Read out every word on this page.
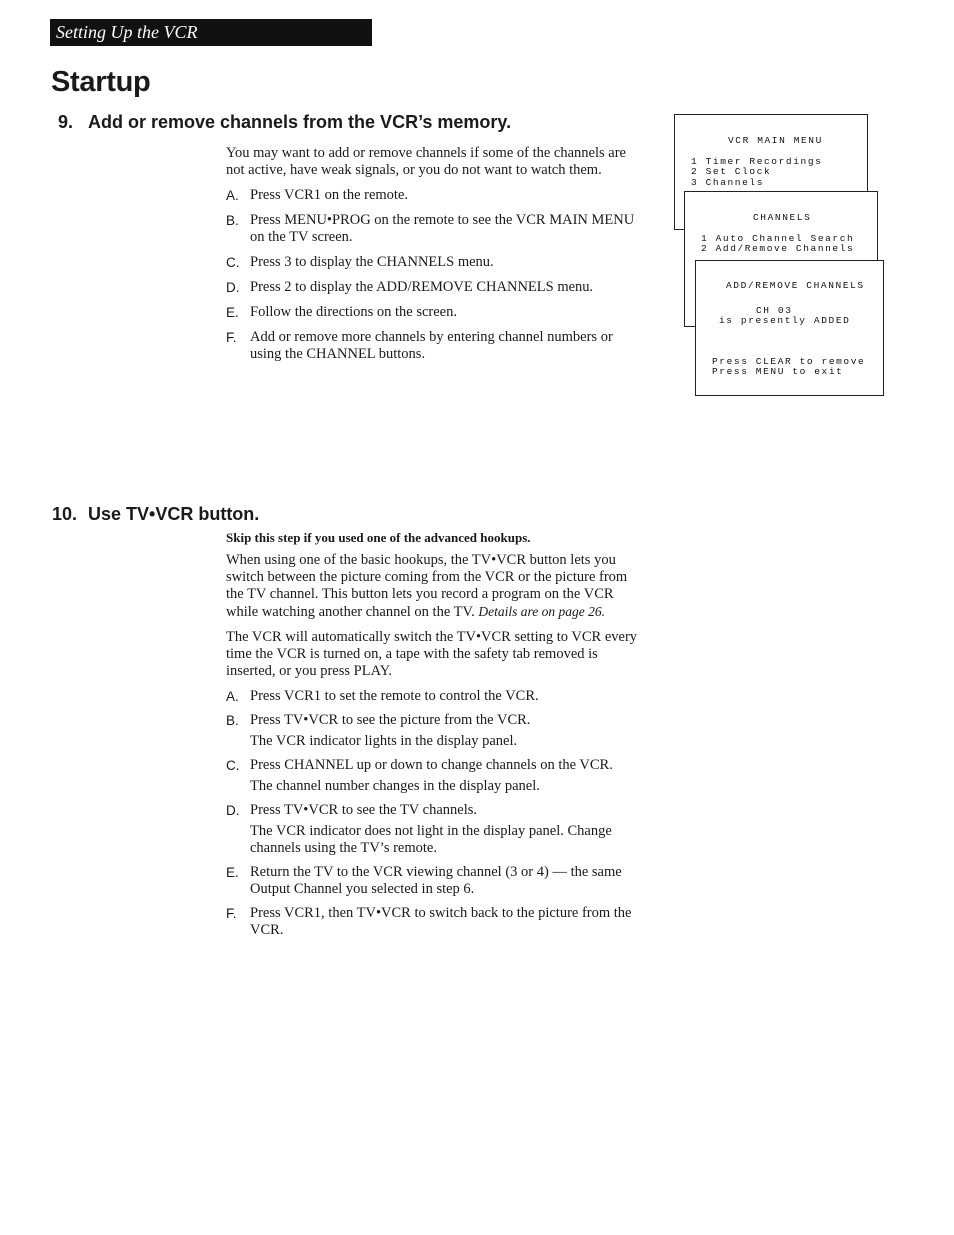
Setting Up the VCR
Startup
9. Add or remove channels from the VCR’s memory.

You may want to add or remove channels if some of the channels are not active, have weak signals, or you do not want to watch them.

A. Press VCR1 on the remote.
B. Press MENU•PROG on the remote to see the VCR MAIN MENU on the TV screen.
C. Press 3 to display the CHANNELS menu.
D. Press 2 to display the ADD/REMOVE CHANNELS menu.
E. Follow the directions on the screen.
F. Add or remove more channels by entering channel numbers or using the CHANNEL buttons.
VCR MAIN MENU
1 Timer Recordings
2 Set Clock
3 Channels
CHANNELS
1 Auto Channel Search
2 Add/Remove Channels
ADD/REMOVE CHANNELS
CH 03
is presently ADDED
Press CLEAR to remove
Press MENU to exit
10. Use TV•VCR button.
Skip this step if you used one of the advanced hookups.

When using one of the basic hookups, the TV•VCR button lets you switch between the picture coming from the VCR or the picture from the TV channel. This button lets you record a program on the VCR while watching another channel on the TV. Details are on page 26.

The VCR will automatically switch the TV•VCR setting to VCR every time the VCR is turned on, a tape with the safety tab removed is inserted, or you press PLAY.

A. Press VCR1 to set the remote to control the VCR.
B. Press TV•VCR to see the picture from the VCR.
The VCR indicator lights in the display panel.
C. Press CHANNEL up or down to change channels on the VCR.
The channel number changes in the display panel.
D. Press TV•VCR to see the TV channels.
The VCR indicator does not light in the display panel. Change channels using the TV’s remote.
E. Return the TV to the VCR viewing channel (3 or 4) — the same Output Channel you selected in step 6.
F. Press VCR1, then TV•VCR to switch back to the picture from the VCR.
